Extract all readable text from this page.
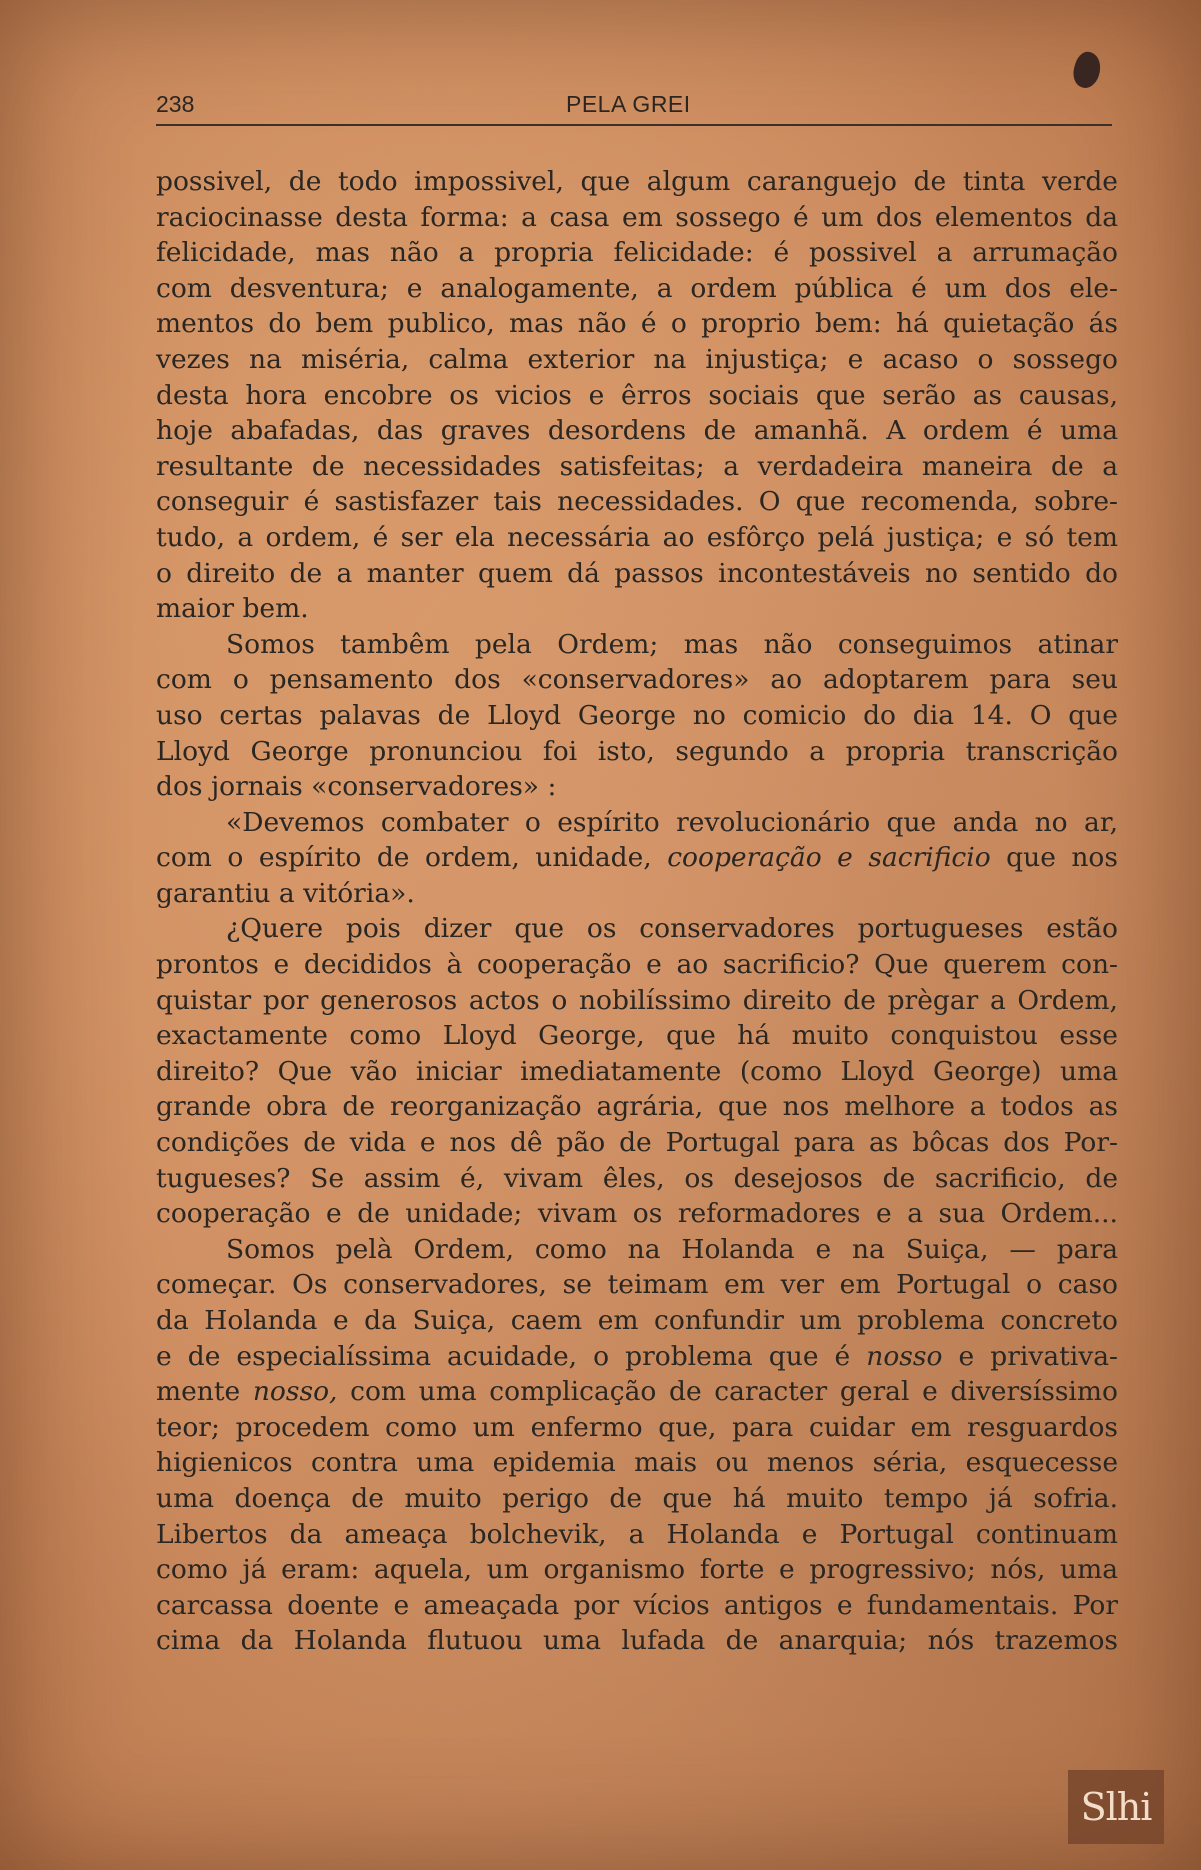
238	PELA GREI
possivel, de todo impossivel, que algum caranguejo de tinta verde
raciocinasse desta forma: a casa em sossego é um dos elementos da
felicidade, mas não a propria felicidade: é possivel a arrumação
com desventura; e analogamente, a ordem pública é um dos ele-
mentos do bem publico, mas não é o proprio bem: há quietação ás
vezes na miséria, calma exterior na injustiça; e acaso o sossego
desta hora encobre os vicios e êrros sociais que serão as causas,
hoje abafadas, das graves desordens de amanhã. A ordem é uma
resultante de necessidades satisfeitas; a verdadeira maneira de a
conseguir é sastisfazer tais necessidades. O que recomenda, sobre-
tudo, a ordem, é ser ela necessária ao esfôrço pelá justiça; e só tem
o direito de a manter quem dá passos incontestáveis no sentido do
maior bem.
Somos tambêm pela Ordem; mas não conseguimos atinar
com o pensamento dos «conservadores» ao adoptarem para seu
uso certas palavas de Lloyd George no comicio do dia 14. O que
Lloyd George pronunciou foi isto, segundo a propria transcrição
dos jornais «conservadores» :
«Devemos combater o espírito revolucionário que anda no ar,
com o espírito de ordem, unidade, cooperação e sacrificio que nos
garantiu a vitória».
¿Quere pois dizer que os conservadores portugueses estão
prontos e decididos à cooperação e ao sacrificio? Que querem con-
quistar por generosos actos o nobilíssimo direito de prègar a Ordem,
exactamente como Lloyd George, que há muito conquistou esse
direito? Que vão iniciar imediatamente (como Lloyd George) uma
grande obra de reorganização agrária, que nos melhore a todos as
condições de vida e nos dê pão de Portugal para as bôcas dos Por-
tugueses? Se assim é, vivam êles, os desejosos de sacrificio, de
cooperação e de unidade; vivam os reformadores e a sua Ordem...
Somos pelà Ordem, como na Holanda e na Suiça, — para
começar. Os conservadores, se teimam em ver em Portugal o caso
da Holanda e da Suiça, caem em confundir um problema concreto
e de especialíssima acuidade, o problema que é nosso e privativa-
mente nosso, com uma complicação de caracter geral e diversíssimo
teor; procedem como um enfermo que, para cuidar em resguardos
higienicos contra uma epidemia mais ou menos séria, esquecesse
uma doença de muito perigo de que há muito tempo já sofria.
Libertos da ameaça bolchevik, a Holanda e Portugal continuam
como já eram: aquela, um organismo forte e progressivo; nós, uma
carcassa doente e ameaçada por vícios antigos e fundamentais. Por
cima da Holanda flutuou uma lufada de anarquia; nós trazemos
Slhi
